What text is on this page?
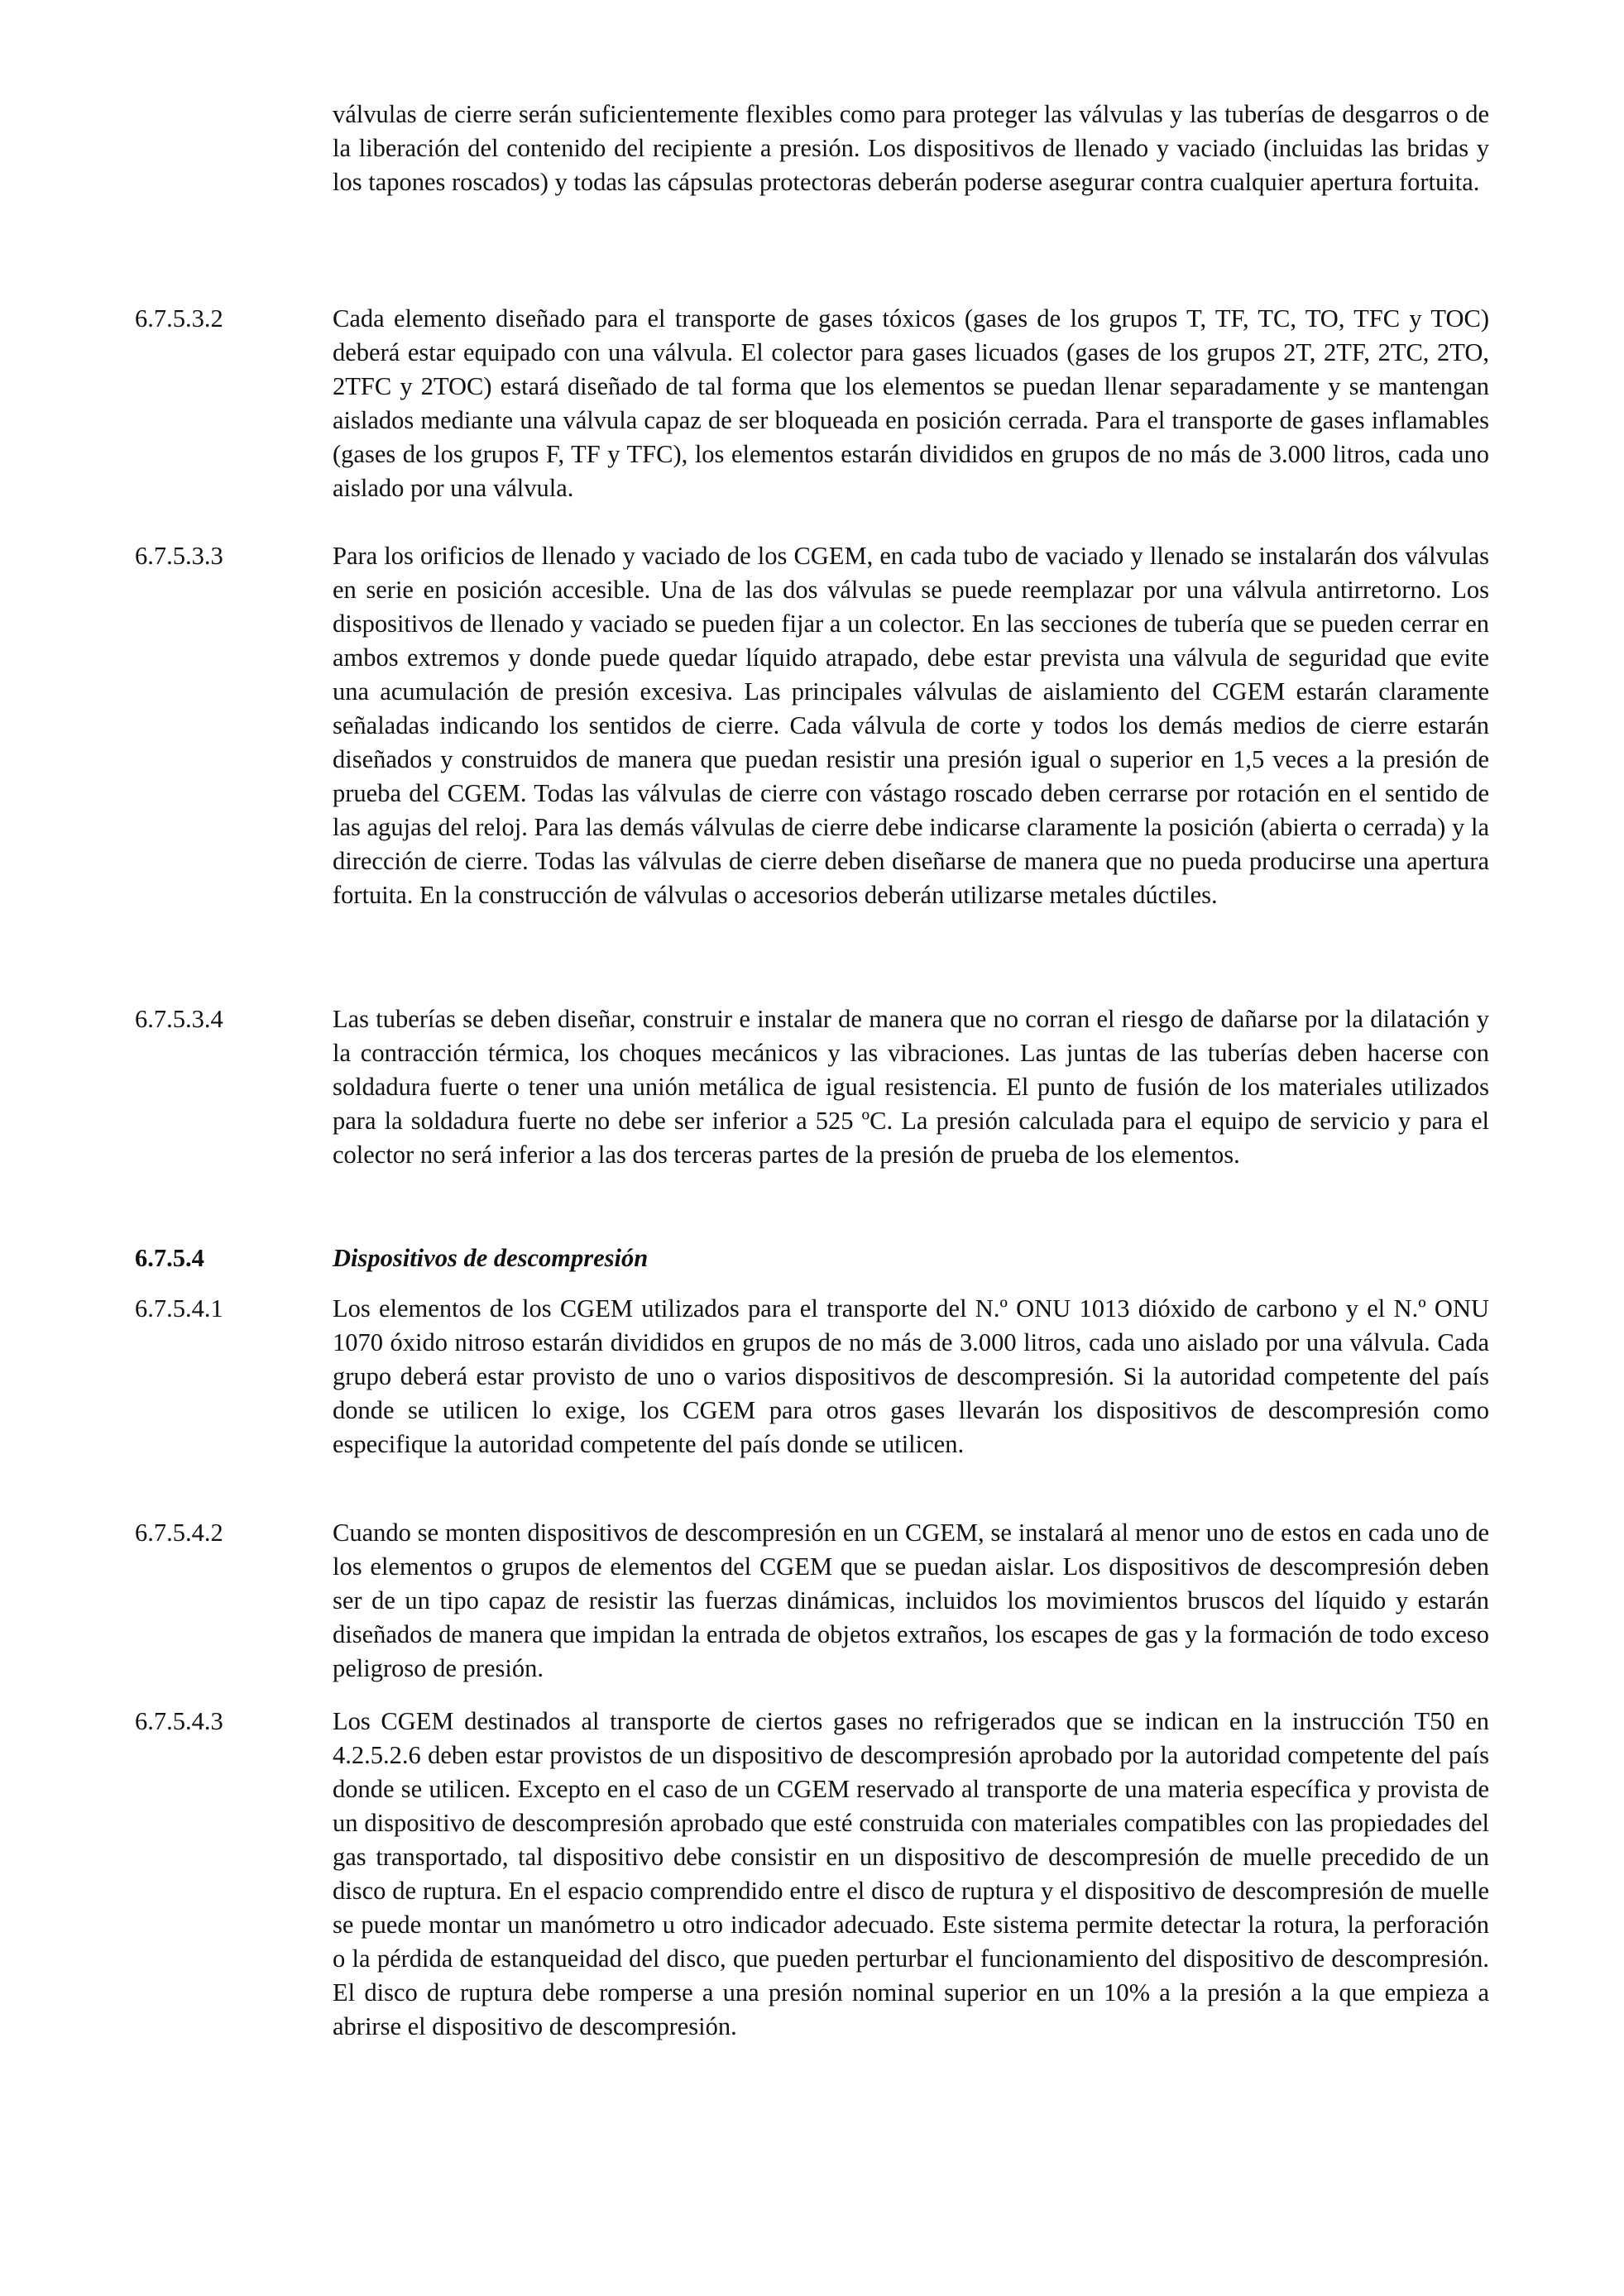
válvulas de cierre serán suficientemente flexibles como para proteger las válvulas y las tuberías de desgarros o de la liberación del contenido del recipiente a presión. Los dispositivos de llenado y vaciado (incluidas las bridas y los tapones roscados) y todas las cápsulas protectoras deberán poderse asegurar contra cualquier apertura fortuita.

6.7.5.3.2	Cada elemento diseñado para el transporte de gases tóxicos (gases de los grupos T, TF, TC, TO, TFC y TOC) deberá estar equipado con una válvula. El colector para gases licuados (gases de los grupos 2T, 2TF, 2TC, 2TO, 2TFC y 2TOC) estará diseñado de tal forma que los elementos se puedan llenar separadamente y se mantengan aislados mediante una válvula capaz de ser bloqueada en posición cerrada. Para el transporte de gases inflamables (gases de los grupos F, TF y TFC), los elementos estarán divididos en grupos de no más de 3.000 litros, cada uno aislado por una válvula.

6.7.5.3.3	Para los orificios de llenado y vaciado de los CGEM, en cada tubo de vaciado y llenado se instalarán dos válvulas en serie en posición accesible. Una de las dos válvulas se puede reemplazar por una válvula antirretorno. Los dispositivos de llenado y vaciado se pueden fijar a un colector. En las secciones de tubería que se pueden cerrar en ambos extremos y donde puede quedar líquido atrapado, debe estar prevista una válvula de seguridad que evite una acumulación de presión excesiva. Las principales válvulas de aislamiento del CGEM estarán claramente señaladas indicando los sentidos de cierre. Cada válvula de corte y todos los demás medios de cierre estarán diseñados y construidos de manera que puedan resistir una presión igual o superior en 1,5 veces a la presión de prueba del CGEM. Todas las válvulas de cierre con vástago roscado deben cerrarse por rotación en el sentido de las agujas del reloj. Para las demás válvulas de cierre debe indicarse claramente la posición (abierta o cerrada) y la dirección de cierre. Todas las válvulas de cierre deben diseñarse de manera que no pueda producirse una apertura fortuita. En la construcción de válvulas o accesorios deberán utilizarse metales dúctiles.

6.7.5.3.4	Las tuberías se deben diseñar, construir e instalar de manera que no corran el riesgo de dañarse por la dilatación y la contracción térmica, los choques mecánicos y las vibraciones. Las juntas de las tuberías deben hacerse con soldadura fuerte o tener una unión metálica de igual resistencia. El punto de fusión de los materiales utilizados para la soldadura fuerte no debe ser inferior a 525 ºC. La presión calculada para el equipo de servicio y para el colector no será inferior a las dos terceras partes de la presión de prueba de los elementos.

6.7.5.4	Dispositivos de descompresión
6.7.5.4.1	Los elementos de los CGEM utilizados para el transporte del N.º ONU 1013 dióxido de carbono y el N.º ONU 1070 óxido nitroso estarán divididos en grupos de no más de 3.000 litros, cada uno aislado por una válvula. Cada grupo deberá estar provisto de uno o varios dispositivos de descompresión. Si la autoridad competente del país donde se utilicen lo exige, los CGEM para otros gases llevarán los dispositivos de descompresión como especifique la autoridad competente del país donde se utilicen.

6.7.5.4.2	Cuando se monten dispositivos de descompresión en un CGEM, se instalará al menor uno de estos en cada uno de los elementos o grupos de elementos del CGEM que se puedan aislar. Los dispositivos de descompresión deben ser de un tipo capaz de resistir las fuerzas dinámicas, incluidos los movimientos bruscos del líquido y estarán diseñados de manera que impidan la entrada de objetos extraños, los escapes de gas y la formación de todo exceso peligroso de presión.

6.7.5.4.3	Los CGEM destinados al transporte de ciertos gases no refrigerados que se indican en la instrucción T50 en 4.2.5.2.6 deben estar provistos de un dispositivo de descompresión aprobado por la autoridad competente del país donde se utilicen. Excepto en el caso de un CGEM reservado al transporte de una materia específica y provista de un dispositivo de descompresión aprobado que esté construida con materiales compatibles con las propiedades del gas transportado, tal dispositivo debe consistir en un dispositivo de descompresión de muelle precedido de un disco de ruptura. En el espacio comprendido entre el disco de ruptura y el dispositivo de descompresión de muelle se puede montar un manómetro u otro indicador adecuado. Este sistema permite detectar la rotura, la perforación o la pérdida de estanqueidad del disco, que pueden perturbar el funcionamiento del dispositivo de descompresión. El disco de ruptura debe romperse a una presión nominal superior en un 10% a la presión a la que empieza a abrirse el dispositivo de descompresión.
